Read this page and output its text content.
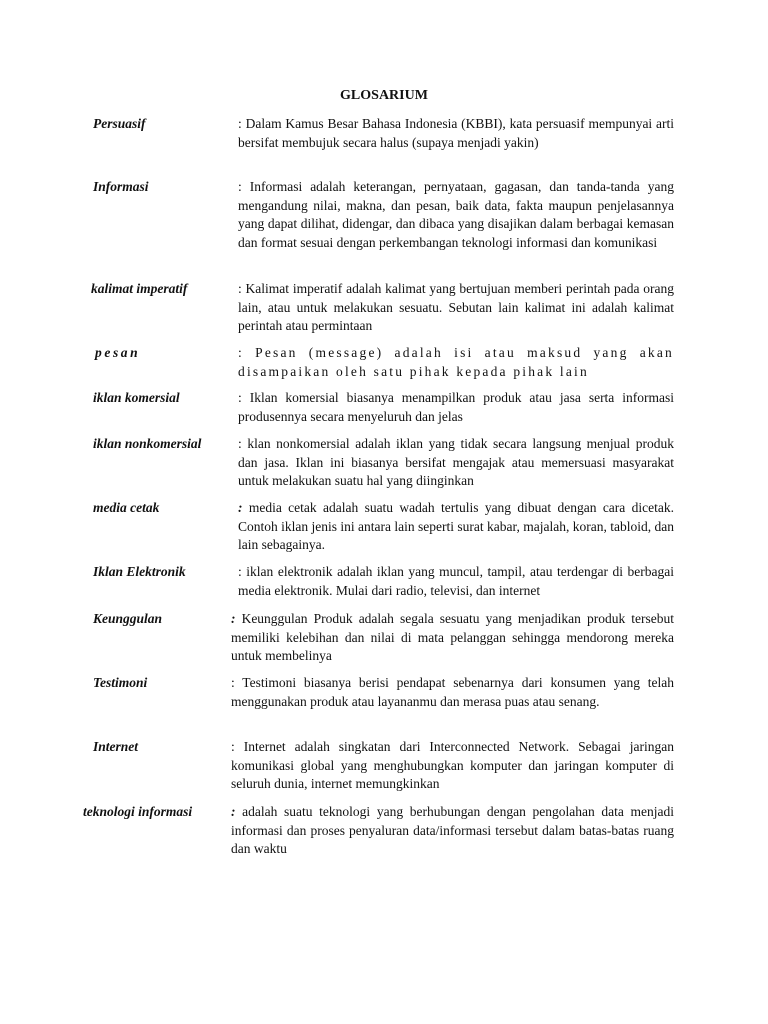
GLOSARIUM
Persuasif	: Dalam Kamus Besar Bahasa Indonesia (KBBI), kata persuasif mempunyai arti bersifat membujuk secara halus (supaya menjadi yakin)
Informasi	: Informasi adalah keterangan, pernyataan, gagasan, dan tanda-tanda yang mengandung nilai, makna, dan pesan, baik data, fakta maupun penjelasannya yang dapat dilihat, didengar, dan dibaca yang disajikan dalam berbagai kemasan dan format sesuai dengan perkembangan teknologi informasi dan komunikasi
kalimat imperatif	: Kalimat imperatif adalah kalimat yang bertujuan memberi perintah pada orang lain, atau untuk melakukan sesuatu. Sebutan lain kalimat ini adalah kalimat perintah atau permintaan
pesan	: Pesan (message) adalah isi atau maksud yang akan disampaikan oleh satu pihak kepada pihak lain
iklan komersial	: Iklan komersial biasanya menampilkan produk atau jasa serta informasi produsennya secara menyeluruh dan jelas
iklan nonkomersial	: klan nonkomersial adalah iklan yang tidak secara langsung menjual produk dan jasa. Iklan ini biasanya bersifat mengajak atau memersuasi masyarakat untuk melakukan suatu hal yang diinginkan
media cetak	: media cetak adalah suatu wadah tertulis yang dibuat dengan cara dicetak. Contoh iklan jenis ini antara lain seperti surat kabar, majalah, koran, tabloid, dan lain sebagainya.
Iklan Elektronik	: iklan elektronik adalah iklan yang muncul, tampil, atau terdengar di berbagai media elektronik. Mulai dari radio, televisi, dan internet
Keunggulan	: Keunggulan Produk adalah segala sesuatu yang menjadikan produk tersebut memiliki kelebihan dan nilai di mata pelanggan sehingga mendorong mereka untuk membelinya
Testimoni	: Testimoni biasanya berisi pendapat sebenarnya dari konsumen yang telah menggunakan produk atau layananmu dan merasa puas atau senang.
Internet	: Internet adalah singkatan dari Interconnected Network. Sebagai jaringan komunikasi global yang menghubungkan komputer dan jaringan komputer di seluruh dunia, internet memungkinkan
teknologi informasi	: adalah suatu teknologi yang berhubungan dengan pengolahan data menjadi informasi dan proses penyaluran data/informasi tersebut dalam batas-batas ruang dan waktu
